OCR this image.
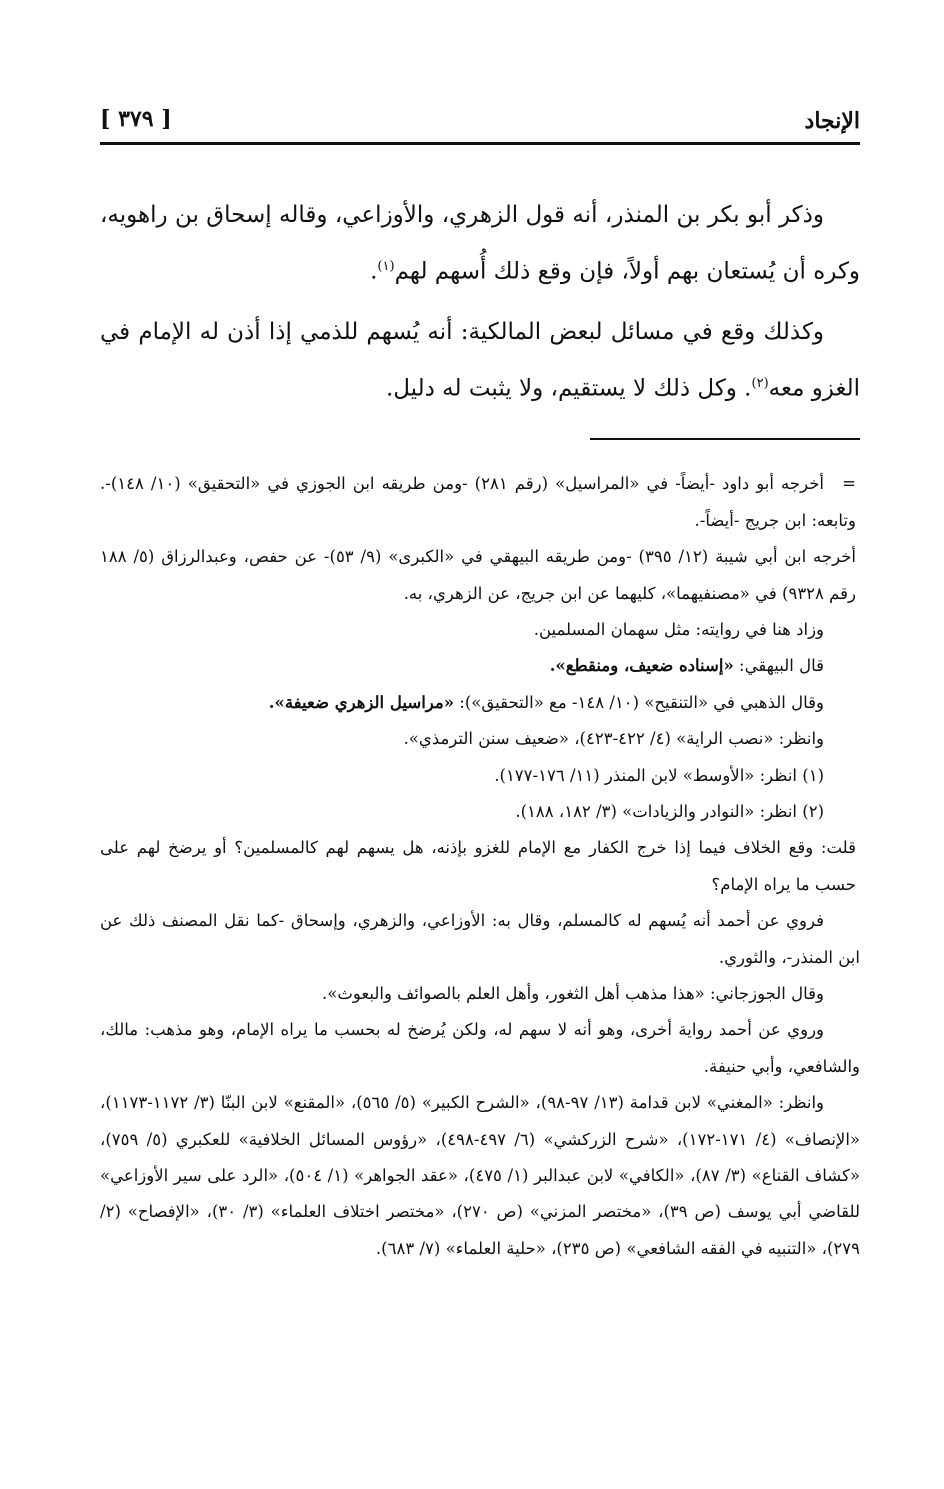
الإنجاد
[ ٣٧٩ ]

وذكر أبو بكر بن المنذر، أنه قول الزهري، والأوزاعي، وقاله إسحاق بن راهويه، وكره أن يُستعان بهم أولاً، فإن وقع ذلك أُسهم لهم$^{(١)}$.

وكذلك وقع في مسائل لبعض المالكية: أنه يُسهم للذمي إذا أذن له الإمام في الغزو معه$^{(٢)}$. وكل ذلك لا يستقيم، ولا يثبت له دليل.

=أخرجه أبو داود -أيضاً- في «المراسيل» (رقم ٢٨١) -ومن طريقه ابن الجوزي في «التحقيق» (١٠/ ١٤٨)-. وتابعه: ابن جريج -أيضاً-.

أخرجه ابن أبي شيبة (١٢/ ٣٩٥) -ومن طريقه البيهقي في «الكبرى» (٩/ ٥٣)- عن حفص، وعبدالرزاق (٥/ ١٨٨ رقم ٩٣٢٨) في «مصنفيهما»، كليهما عن ابن جريج، عن الزهري، به.

وزاد هنا في روايته: مثل سهمان المسلمين.

قال البيهقي: «إسناده ضعيف، ومنقطع».

وقال الذهبي في «التنقيح» (١٠/ ١٤٨- مع «التحقيق»): «مراسيل الزهري ضعيفة».

وانظر: «نصب الراية» (٤/ ٤٢٢-٤٢٣)، «ضعيف سنن الترمذي».

(١) انظر: «الأوسط» لابن المنذر (١١/ ١٧٦-١٧٧).

(٢) انظر: «النوادر والزيادات» (٣/ ١٨٢، ١٨٨).

قلت: وقع الخلاف فيما إذا خرج الكفار مع الإمام للغزو بإذنه، هل يسهم لهم كالمسلمين؟ أو يرضخ لهم على حسب ما يراه الإمام؟

فروي عن أحمد أنه يُسهم له كالمسلم، وقال به: الأوزاعي، والزهري، وإسحاق -كما نقل المصنف ذلك عن ابن المنذر-، والثوري.

وقال الجوزجاني: «هذا مذهب أهل الثغور، وأهل العلم بالصوائف والبعوث».

وروي عن أحمد رواية أخرى، وهو أنه لا سهم له، ولكن يُرضخ له بحسب ما يراه الإمام، وهو مذهب: مالك، والشافعي، وأبي حنيفة.

وانظر: «المغني» لابن قدامة (١٣/ ٩٧-٩٨)، «الشرح الكبير» (٥/ ٥٦٥)، «المقنع» لابن البنّا (٣/ ١١٧٢-١١٧٣)، «الإنصاف» (٤/ ١٧١-١٧٢)، «شرح الزركشي» (٦/ ٤٩٧-٤٩٨)، «رؤوس المسائل الخلافية» للعكبري (٥/ ٧٥٩)، «كشاف القناع» (٣/ ٨٧)، «الكافي» لابن عبدالبر (١/ ٤٧٥)، «عقد الجواهر» (١/ ٥٠٤)، «الرد على سير الأوزاعي» للقاضي أبي يوسف (ص ٣٩)، «مختصر المزني» (ص ٢٧٠)، «مختصر اختلاف العلماء» (٣/ ٣٠)، «الإفصاح» (٢/ ٢٧٩)، «التنبيه في الفقه الشافعي» (ص ٢٣٥)، «حلية العلماء» (٧/ ٦٨٣).
